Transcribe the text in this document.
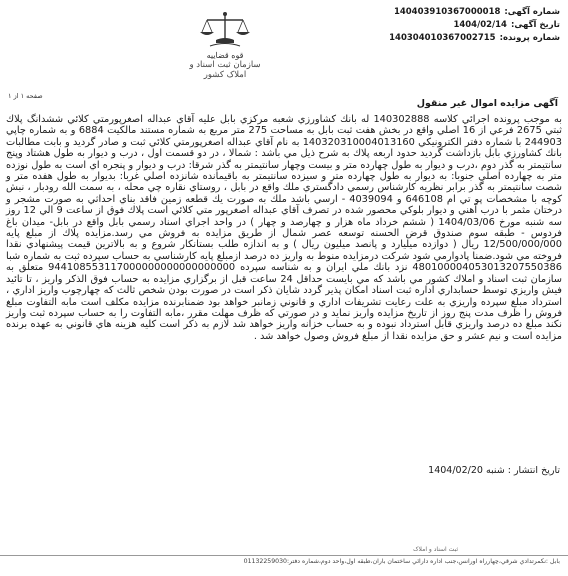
شماره آگهی:
140403910367000018
تاریخ آگهی:
1404/02/14
شماره پرونده:
140304010367002715
قوه قضاییه
سازمان ثبت اسناد و املاک کشور
صفحه ۱ از ۱
آگهی مزایده اموال غیر منقول
به موجب پرونده اجرائي كلاسه 140302888 له بانك كشاورزي شعبه مركزي بابل عليه آقاي عبداله اصغرپورمتي كلائي ششدانگ پلاك ثبتي 2675 فرعي از 16 اصلي واقع در بخش هفت ثبت بابل به مساحت 275 متر مربع به شماره مستند مالكيت 6884 و به شماره چاپي 244903 با شماره دفتر الكترونيكي 140320310004013160 به نام آقاي عبداله اصغرپورمتي كلائي ثبت و صادر گرديد و بابت مطالبات بانك كشاورزي بابل بازداشت گرديد حدود اربعه پلاك به شرح ذيل مي باشد : شمالا ، در دو قسمت اول ، درب و ديوار به طول هشتاد وپنج سانتيمتر به گذر دوم ،درب و ديوار به طول چهارده متر و بيست وچهار سانتيمتر به گذر شرقا: درب و ديوار و پنجره اي است به طول نوزده متر به چهارده اصلي جنوبا: به ديوار به طول چهارده متر و سيزده سانتيمتر به باقيمانده شانزده اصلي غربا: بديوار به طول هفده متر و شصت سانتيمتر به گذر برابر نظريه كارشناس رسمي دادگستري ملك واقع در بابل ، روستاي نقاره چي محله ، به سمت الله رودبار ، نبش كوچه با مشخصات پو تي ام 646108 و 4039094 - ارسي باشد ملك به صورت يك قطعه زمين فاقد بناي احداثي به صورت مشجر و درختان مثمر با درب آهني و ديوار بلوكي محصور شده در تصرف آقاي عبداله اصغرپور متي كلائي است پلاك فوق از ساعت 9 الي 12 روز سه شنبه مورخ 1404/03/06 ( ششم خرداد ماه هزار و چهارصد و چهار ) در واحد اجراي اسناد رسمي بابل واقع در بابل- ميدان باغ فردوس - طبقه سوم صندوق قرض الحسنه توسعه عصر شمال از طريق مزايده به فروش مي رسد.مزايده پلاك از مبلغ پايه 12/500/000/000 ريال ( دوازده ميليارد و پانصد ميليون ريال ) و به اندازه طلب بستانكار شروع و به بالاترين قيمت پيشنهادي نقدا فروخته مي شود.ضمنا پادوارمي شود شركت درمزايده منوط به واريز ده درصد ازمبلغ پايه كارشناسي به حساب سپرده ثبت به شماره شبا 480100004053013207550386 نزد بانك ملي ايران و به شناسه سپرده 944108553117000000000000000000 متعلق به سازمان ثبت اسناد و املاك كشور مي باشد كه مي بايست حداقل 24 ساعت قبل از برگزاري مزايده به حساب فوق الذكر واريز ، تا تائيد فيش واريزي توسط حسابداري اداره ثبت اسناد امكان پذير گردد شايان ذكر است در صورت بودن شخص ثالث كه چهارچوب واريز اداري ، استرداد مبلغ سپرده واريزي به علت رعايت تشريفات اداري و قانوني زمانبر خواهد بود ضمنابرنده مزايده مكلف است مابه التفاوت مبلغ فروش را ظرف مدت پنج روز از تاريخ مزايده واريز نمايد و در صورتي كه ظرف مهلت مقرر ،مابه التفاوت را به حساب سپرده ثبت واريز نكند مبلغ ده درصد واريزي قابل استرداد نبوده و به حساب خزانه واريز خواهد شد لازم به ذكر است كليه هزينه هاي قانوني به عهده برنده مزايده است و نيم عشر و حق مزايده نقدا از مبلغ فروش وصول خواهد شد .
تاريخ انتشار : شنبه 1404/02/20
ثبت اسناد و املاک
بابل :نكمرتدادي شرقي،چهارراه اورانس،جنب اداره دارائي ساختمان باران،طبقه اول،واحد دوم،شماره دفتر:01132259030
